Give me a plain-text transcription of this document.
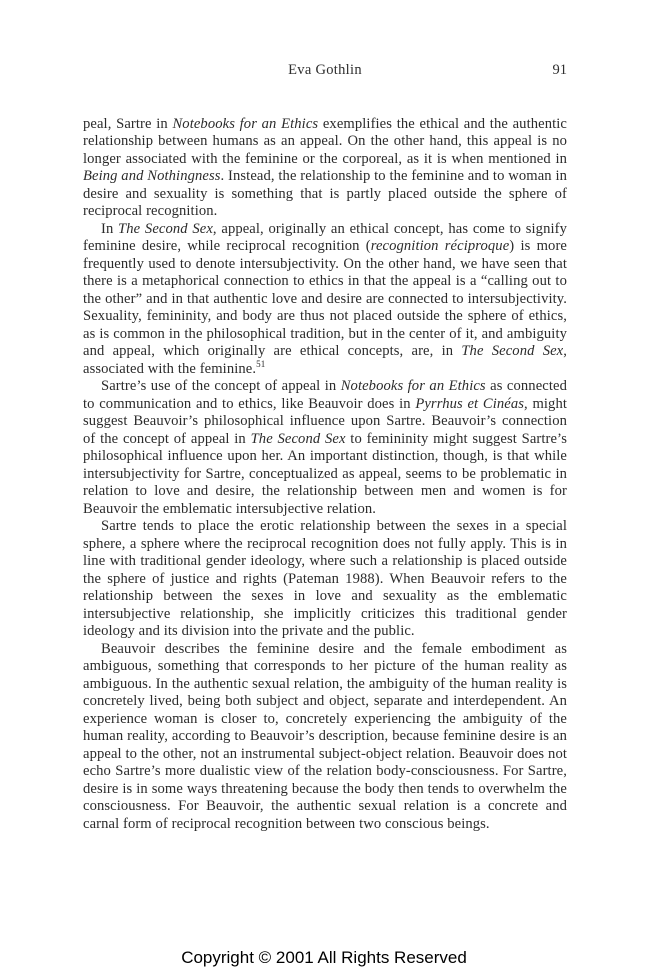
Eva Gothlin	91

peal, Sartre in Notebooks for an Ethics exemplifies the ethical and the authentic relationship between humans as an appeal. On the other hand, this appeal is no longer associated with the feminine or the corporeal, as it is when mentioned in Being and Nothingness. Instead, the relationship to the feminine and to woman in desire and sexuality is something that is partly placed outside the sphere of reciprocal recognition.

In The Second Sex, appeal, originally an ethical concept, has come to signify feminine desire, while reciprocal recognition (recognition réciproque) is more frequently used to denote intersubjectivity. On the other hand, we have seen that there is a metaphorical connection to ethics in that the appeal is a “calling out to the other” and in that authentic love and desire are connected to intersubjectivity. Sexuality, femininity, and body are thus not placed outside the sphere of ethics, as is common in the philosophical tradition, but in the center of it, and ambiguity and appeal, which originally are ethical concepts, are, in The Second Sex, associated with the feminine.$^{51}$

Sartre’s use of the concept of appeal in Notebooks for an Ethics as connected to communication and to ethics, like Beauvoir does in Pyrrhus et Cinéas, might suggest Beauvoir’s philosophical influence upon Sartre. Beauvoir’s connection of the concept of appeal in The Second Sex to femininity might suggest Sartre’s philosophical influence upon her. An important distinction, though, is that while intersubjectivity for Sartre, conceptualized as appeal, seems to be problematic in relation to love and desire, the relationship between men and women is for Beauvoir the emblematic intersubjective relation.

Sartre tends to place the erotic relationship between the sexes in a special sphere, a sphere where the reciprocal recognition does not fully apply. This is in line with traditional gender ideology, where such a relationship is placed outside the sphere of justice and rights (Pateman 1988). When Beauvoir refers to the relationship between the sexes in love and sexuality as the emblematic intersubjective relationship, she implicitly criticizes this traditional gender ideology and its division into the private and the public.

Beauvoir describes the feminine desire and the female embodiment as ambiguous, something that corresponds to her picture of the human reality as ambiguous. In the authentic sexual relation, the ambiguity of the human reality is concretely lived, being both subject and object, separate and interdependent. An experience woman is closer to, concretely experiencing the ambiguity of the human reality, according to Beauvoir’s description, because feminine desire is an appeal to the other, not an instrumental subject-object relation. Beauvoir does not echo Sartre’s more dualistic view of the relation body-consciousness. For Sartre, desire is in some ways threatening because the body then tends to overwhelm the consciousness. For Beauvoir, the authentic sexual relation is a concrete and carnal form of reciprocal recognition between two conscious beings.

Copyright © 2001 All Rights Reserved
